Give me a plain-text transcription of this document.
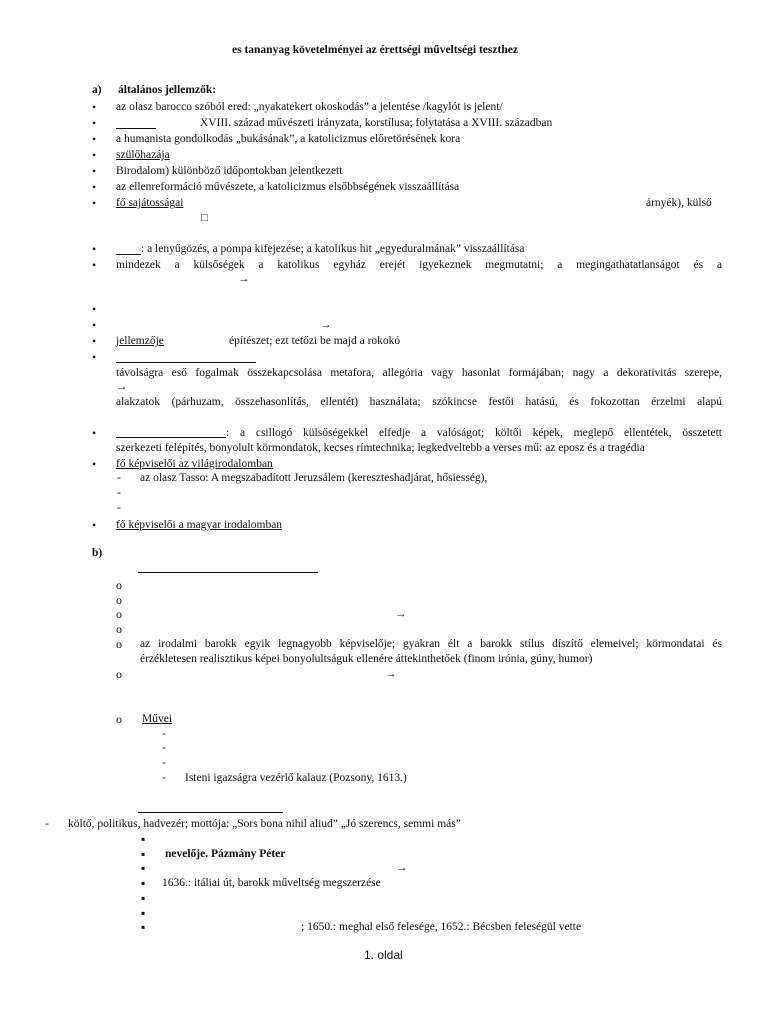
es tananyag követelményei az érettségi műveltségi teszthez
a) általános jellemzők:
•
az olasz barocco szóból ered: „nyakatekert okoskodás” a jelentése /kagylót is jelent/
•
XVIII. század művészeti irányzata, korstílusa; folytatása a XVIII. században
•
a humanista gondolkodás „bukásának”, a katolicizmus előretörésének kora
•
szülőhazája
•
Birodalom) különböző időpontokban jelentkezett
•
az ellenreformáció művészete, a katolicizmus elsőbbségének visszaállítása
•
fő sajátosságai	árnyék), külső
□
•
: a lenyűgözés, a pompa kifejezése; a katolikus hit „egyeduralmának” visszaállítása
•
mindezek a külsőségek a katolikus egyház erejét igyekeznek megmutatni; a megingathatatlanságot és a
→
•
•
→
•
jellemzője	építészet; ezt tetőzi be majd a rokokó
•
távolságra eső fogalmak összekapcsolása metafora, allegória vagy hasonlat formájában; nagy a dekorativitás szerepe,
→
alakzatok (párhuzam, összehasonlítás, ellentét) használata; szókincse festői hatású, és fokozottan érzelmi alapú
•
: a csillogó külsőségekkel elfedje a valóságot; költői képek, meglepő ellentétek, összetett
szerkezeti felépítés, bonyolult körmondatok, kecses rímtechnika; legkedveltebb a verses mű: az eposz és a tragédia
•
fő képviselői az világirodalomban
- az olasz Tasso: A megszabadított Jeruzsálem (kereszteshadjárat, hősiesség),
-
-
•
fő képviselői a magyar irodalomban
b)
o
o
o
→
o
o
az irodalmi barokk egyik legnagyobb képviselője; gyakran élt a barokk stílus díszítő elemeivel; körmondatai és
érzékletesen realisztikus képei bonyolultságuk ellenére áttekinthetőek (finom irónia, gúny, humor)
o
→
o
Művei
-
-
-
- Isteni igazságra vezérlő kalauz (Pozsony, 1613.)
- költő, politikus, hadvezér; mottója: „Sors bona nihil aliud” „Jó szerencs, semmi más”
▪
▪
nevelője. Pázmány Péter
▪
→
▪
1636.: itáliai út, barokk műveltség megszerzése
▪
▪
▪
; 1650.: meghal első felesége, 1652.: Bécsben feleségül vette
1. oldal
